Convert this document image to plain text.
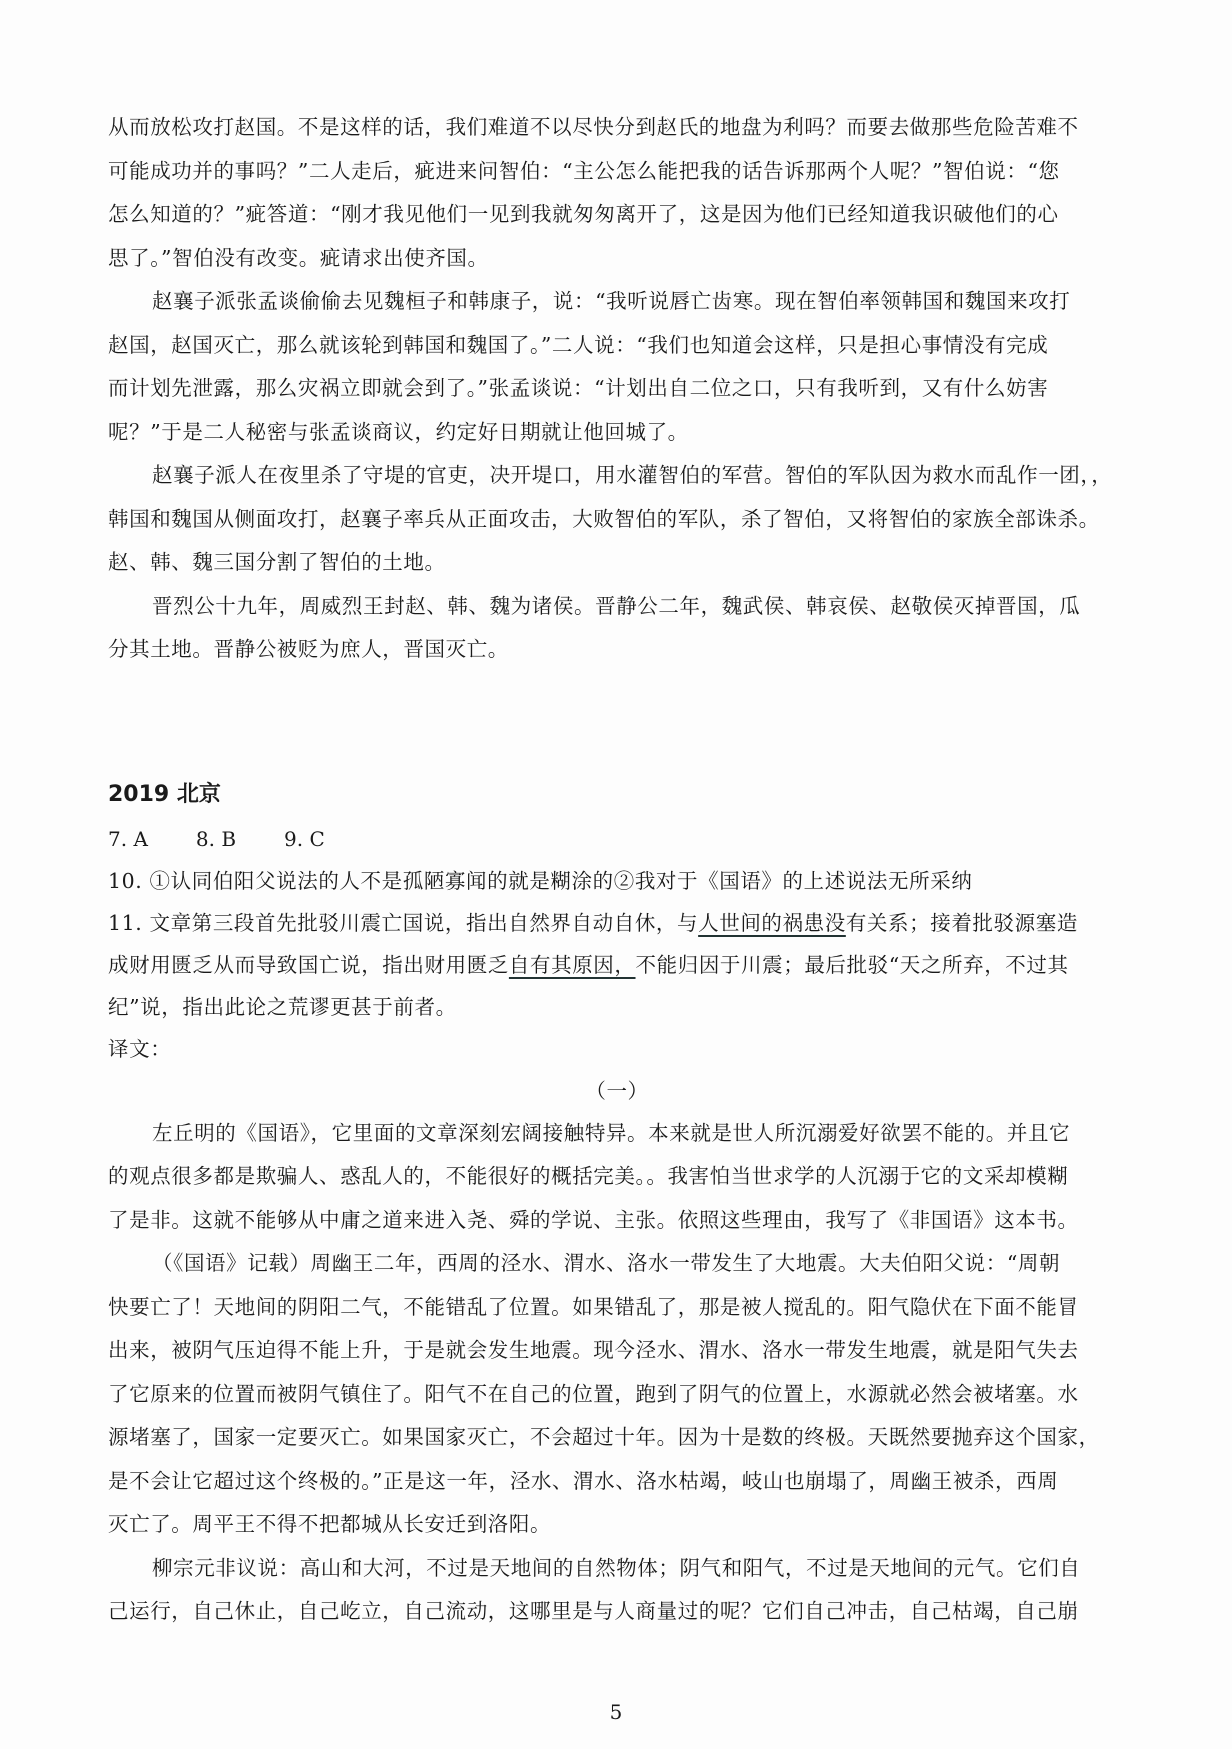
从而放松攻打赵国。不是这样的话，我们难道不以尽快分到赵氏的地盘为利吗？而要去做那些危险苦难不

可能成功并的事吗？”二人走后，疵进来问智伯：“主公怎么能把我的话告诉那两个人呢？”智伯说：“您

怎么知道的？”疵答道：“刚才我见他们一见到我就匆匆离开了，这是因为他们已经知道我识破他们的心

思了。”智伯没有改变。疵请求出使齐国。

赵襄子派张孟谈偷偷去见魏桓子和韩康子，说：“我听说唇亡齿寒。现在智伯率领韩国和魏国来攻打

赵国，赵国灭亡，那么就该轮到韩国和魏国了。”二人说：“我们也知道会这样，只是担心事情没有完成

而计划先泄露，那么灾祸立即就会到了。”张孟谈说：“计划出自二位之口，只有我听到，又有什么妨害

呢？”于是二人秘密与张孟谈商议，约定好日期就让他回城了。

赵襄子派人在夜里杀了守堤的官吏，决开堤口，用水灌智伯的军营。智伯的军队因为救水而乱作一团，，

韩国和魏国从侧面攻打，赵襄子率兵从正面攻击，大败智伯的军队，杀了智伯，又将智伯的家族全部诛杀。

赵、韩、魏三国分割了智伯的土地。

晋烈公十九年，周威烈王封赵、韩、魏为诸侯。晋静公二年，魏武侯、韩哀侯、赵敬侯灭掉晋国，瓜

分其土地。晋静公被贬为庶人，晋国灭亡。

2019 北京
7. A 8. B 9. C

10. ①认同伯阳父说法的人不是孤陋寡闻的就是糊涂的②我对于《国语》的上述说法无所采纳

11. 文章第三段首先批驳川震亡国说，指出自然界自动自休，与人世间的祸患没有关系；接着批驳源塞造

成财用匮乏从而导致国亡说，指出财用匮乏自有其原因，不能归因于川震；最后批驳“天之所弃，不过其

纪”说，指出此论之荒谬更甚于前者。

译文：

（一）

左丘明的《国语》，它里面的文章深刻宏阔接触特异。本来就是世人所沉溺爱好欲罢不能的。并且它

的观点很多都是欺骗人、惑乱人的，不能很好的概括完美。。我害怕当世求学的人沉溺于它的文采却模糊

了是非。这就不能够从中庸之道来进入尧、舜的学说、主张。依照这些理由，我写了《非国语》这本书。

（《国语》记载）周幽王二年，西周的泾水、渭水、洛水一带发生了大地震。大夫伯阳父说：“周朝

快要亡了！天地间的阴阳二气，不能错乱了位置。如果错乱了，那是被人搅乱的。阳气隐伏在下面不能冒

出来，被阴气压迫得不能上升，于是就会发生地震。现今泾水、渭水、洛水一带发生地震，就是阳气失去

了它原来的位置而被阴气镇住了。阳气不在自己的位置，跑到了阴气的位置上，水源就必然会被堵塞。水

源堵塞了，国家一定要灭亡。如果国家灭亡，不会超过十年。因为十是数的终极。天既然要抛弃这个国家，

是不会让它超过这个终极的。”正是这一年，泾水、渭水、洛水枯竭，岐山也崩塌了，周幽王被杀，西周

灭亡了。周平王不得不把都城从长安迁到洛阳。

柳宗元非议说：高山和大河，不过是天地间的自然物体；阴气和阳气，不过是天地间的元气。它们自

己运行，自己休止，自己屹立，自己流动，这哪里是与人商量过的呢？它们自己冲击，自己枯竭，自己崩

5
